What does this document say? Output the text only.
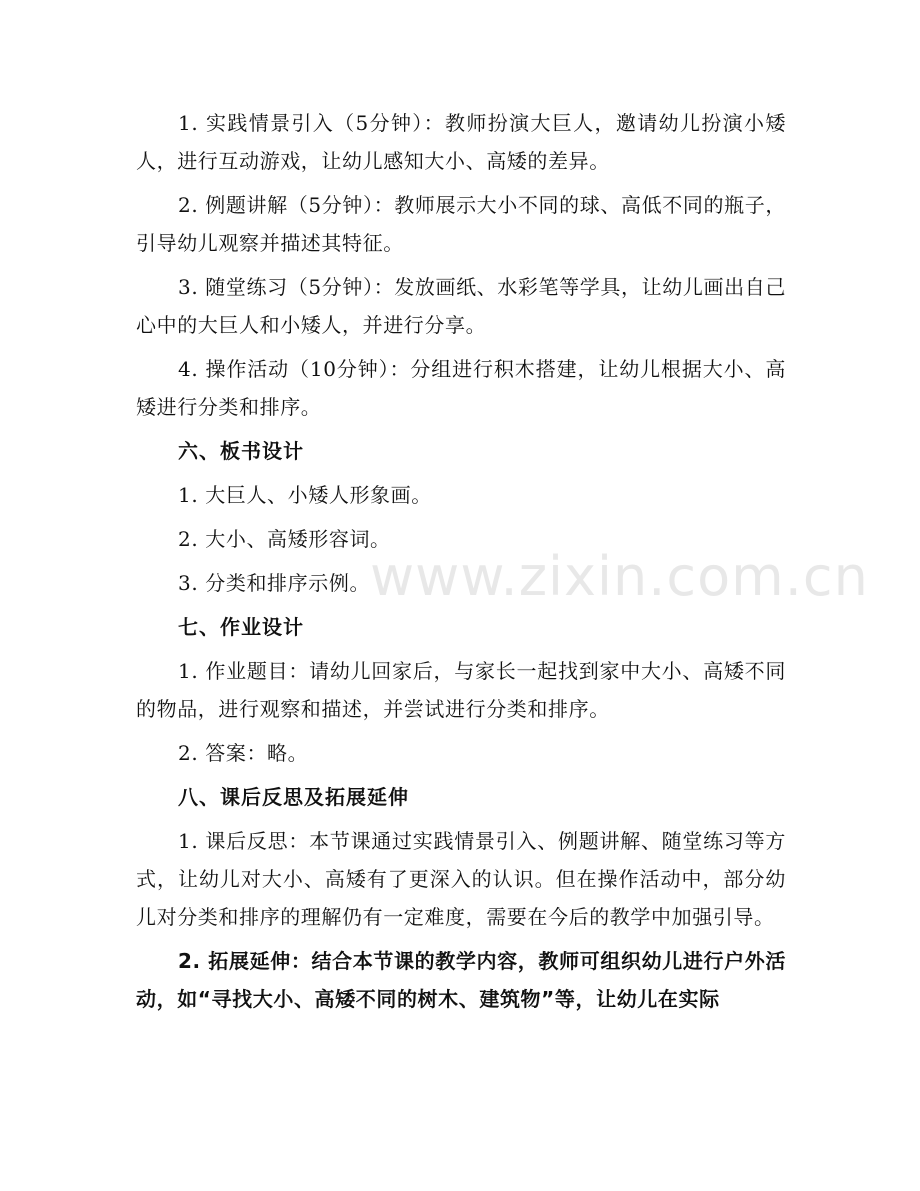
1. 实践情景引入（5分钟）：教师扮演大巨人，邀请幼儿扮演小矮人，进行互动游戏，让幼儿感知大小、高矮的差异。

2. 例题讲解（5分钟）：教师展示大小不同的球、高低不同的瓶子，引导幼儿观察并描述其特征。

3. 随堂练习（5分钟）：发放画纸、水彩笔等学具，让幼儿画出自己心中的大巨人和小矮人，并进行分享。

4. 操作活动（10分钟）：分组进行积木搭建，让幼儿根据大小、高矮进行分类和排序。

六、板书设计

1. 大巨人、小矮人形象画。

2. 大小、高矮形容词。

3. 分类和排序示例。

七、作业设计

1. 作业题目：请幼儿回家后，与家长一起找到家中大小、高矮不同的物品，进行观察和描述，并尝试进行分类和排序。

2. 答案：略。

八、课后反思及拓展延伸

1. 课后反思：本节课通过实践情景引入、例题讲解、随堂练习等方式，让幼儿对大小、高矮有了更深入的认识。但在操作活动中，部分幼儿对分类和排序的理解仍有一定难度，需要在今后的教学中加强引导。

2. 拓展延伸：结合本节课的教学内容，教师可组织幼儿进行户外活动，如“寻找大小、高矮不同的树木、建筑物”等，让幼儿在实际

www.zixin.com.cn
